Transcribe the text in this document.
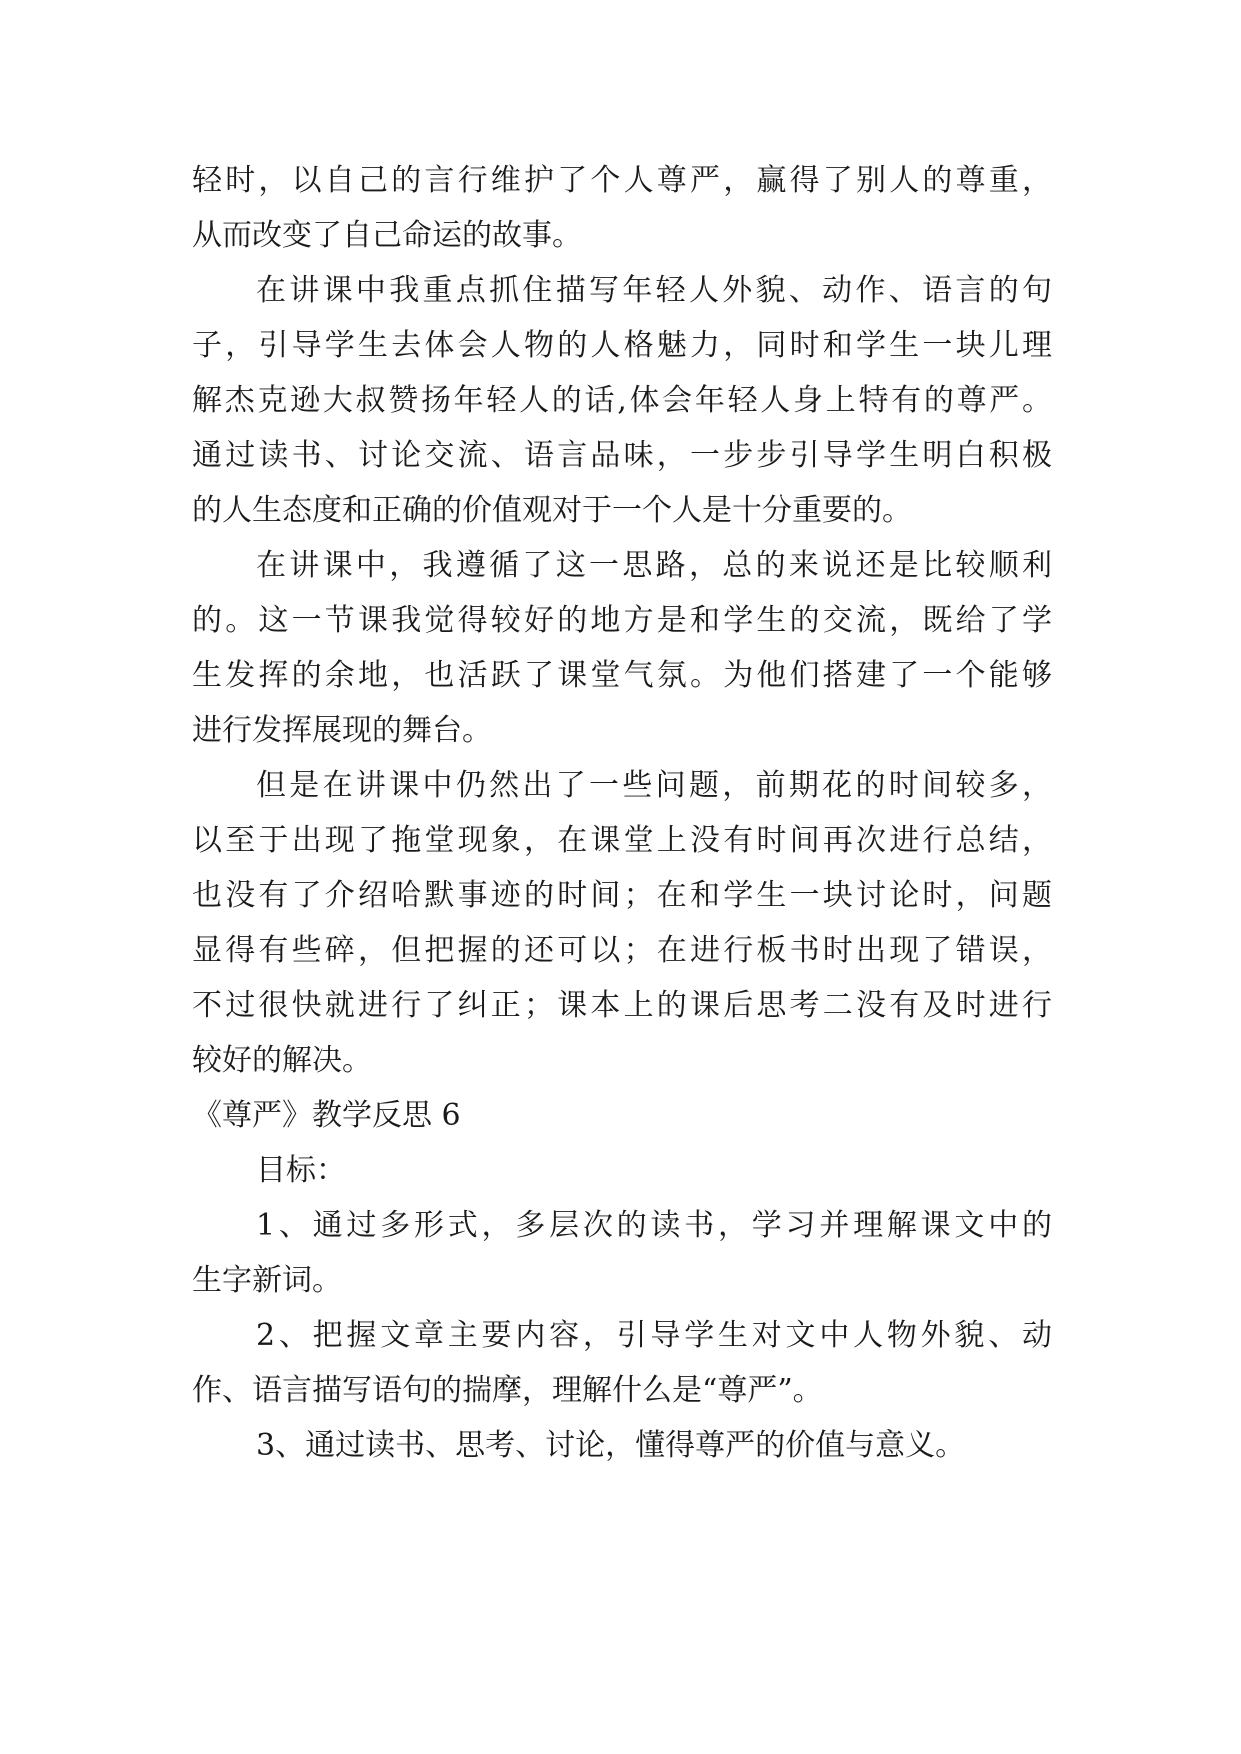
轻时，以自己的言行维护了个人尊严，赢得了别人的尊重，
从而改变了自己命运的故事。
在讲课中我重点抓住描写年轻人外貌、动作、语言的句
子，引导学生去体会人物的人格魅力，同时和学生一块儿理
解杰克逊大叔赞扬年轻人的话,体会年轻人身上特有的尊严。
通过读书、讨论交流、语言品味，一步步引导学生明白积极
的人生态度和正确的价值观对于一个人是十分重要的。
在讲课中，我遵循了这一思路，总的来说还是比较顺利
的。这一节课我觉得较好的地方是和学生的交流，既给了学
生发挥的余地，也活跃了课堂气氛。为他们搭建了一个能够
进行发挥展现的舞台。
但是在讲课中仍然出了一些问题，前期花的时间较多，
以至于出现了拖堂现象，在课堂上没有时间再次进行总结，
也没有了介绍哈默事迹的时间；在和学生一块讨论时，问题
显得有些碎，但把握的还可以；在进行板书时出现了错误，
不过很快就进行了纠正；课本上的课后思考二没有及时进行
较好的解决。
《尊严》教学反思 6
目标：
1、通过多形式，多层次的读书，学习并理解课文中的
生字新词。
2、把握文章主要内容，引导学生对文中人物外貌、动
作、语言描写语句的揣摩，理解什么是“尊严”。
3、通过读书、思考、讨论，懂得尊严的价值与意义。
